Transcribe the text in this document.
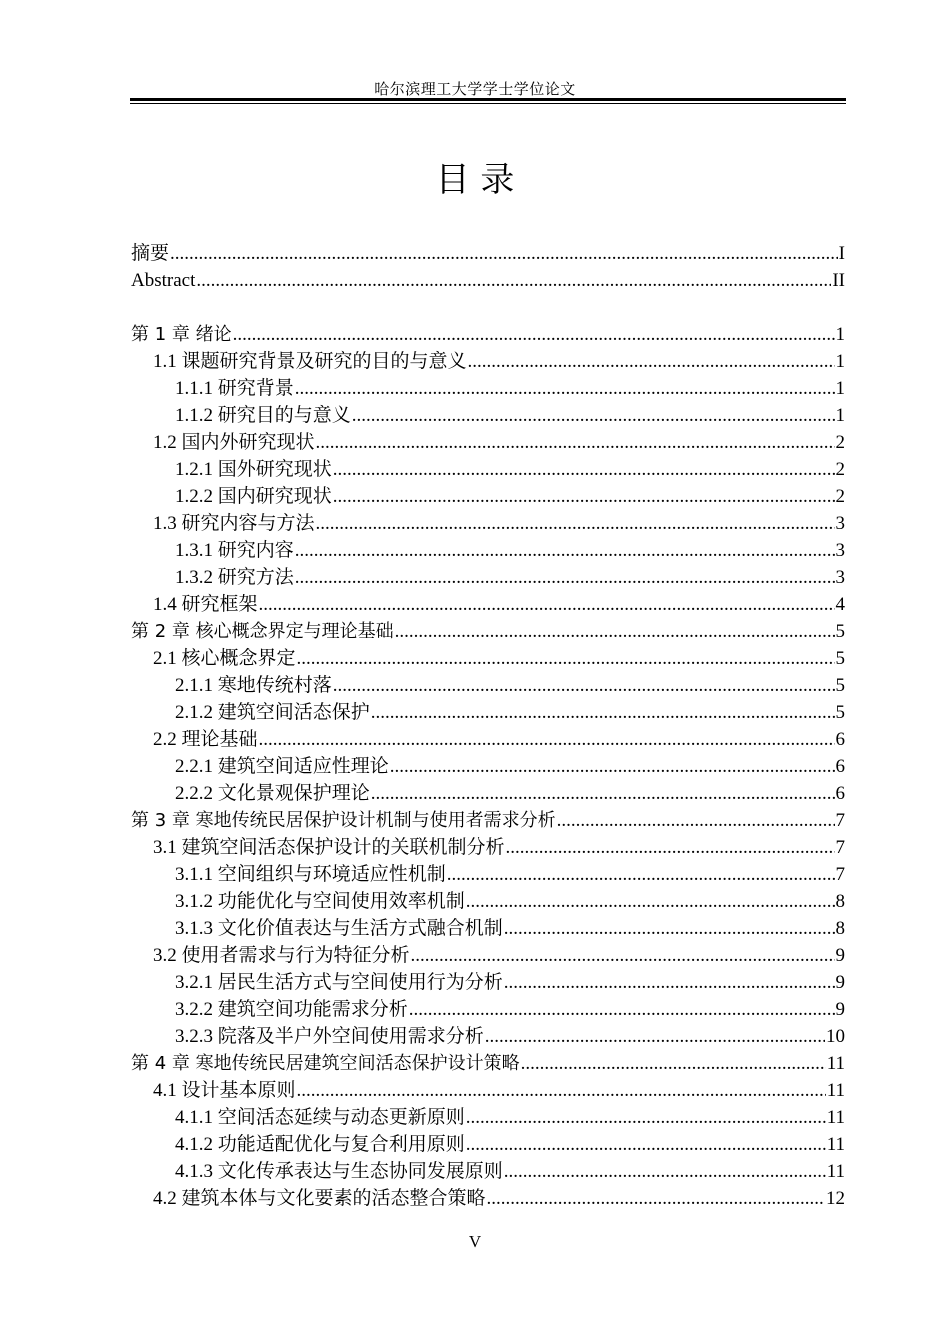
哈尔滨理工大学学士学位论文
目 录
摘要 .....	I
Abstract .....	II
第 1 章 绪论 .....	1
1.1 课题研究背景及研究的目的与意义 .....	1
1.1.1 研究背景 .....	1
1.1.2 研究目的与意义 .....	1
1.2 国内外研究现状 .....	2
1.2.1 国外研究现状 .....	2
1.2.2 国内研究现状 .....	2
1.3 研究内容与方法 .....	3
1.3.1 研究内容 .....	3
1.3.2 研究方法 .....	3
1.4 研究框架 .....	4
第 2 章 核心概念界定与理论基础 .....	5
2.1 核心概念界定 .....	5
2.1.1 寒地传统村落 .....	5
2.1.2 建筑空间活态保护 .....	5
2.2 理论基础 .....	6
2.2.1 建筑空间适应性理论 .....	6
2.2.2 文化景观保护理论 .....	6
第 3 章 寒地传统民居保护设计机制与使用者需求分析 .....	7
3.1 建筑空间活态保护设计的关联机制分析 .....	7
3.1.1 空间组织与环境适应性机制 .....	7
3.1.2 功能优化与空间使用效率机制 .....	8
3.1.3 文化价值表达与生活方式融合机制 .....	8
3.2 使用者需求与行为特征分析 .....	9
3.2.1 居民生活方式与空间使用行为分析 .....	9
3.2.2 建筑空间功能需求分析 .....	9
3.2.3 院落及半户外空间使用需求分析 .....	10
第 4 章 寒地传统民居建筑空间活态保护设计策略 .....	11
4.1 设计基本原则 .....	11
4.1.1 空间活态延续与动态更新原则 .....	11
4.1.2 功能适配优化与复合利用原则 .....	11
4.1.3 文化传承表达与生态协同发展原则 .....	11
4.2 建筑本体与文化要素的活态整合策略 .....	12
V
